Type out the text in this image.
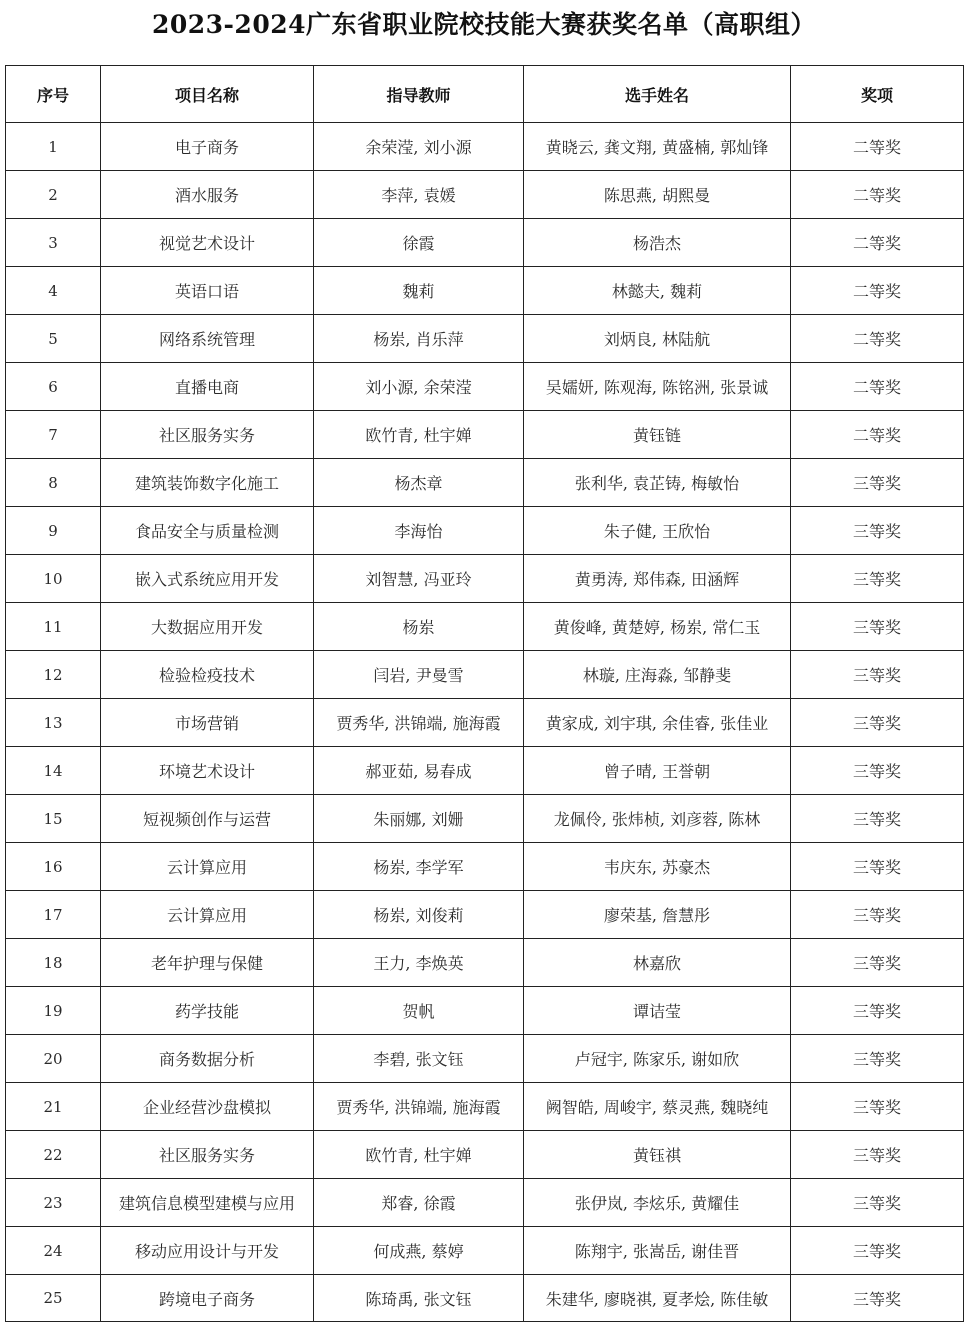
2023-2024广东省职业院校技能大赛获奖名单（高职组）
序号	项目名称	指导教师	选手姓名	奖项
1	电子商务	余荣滢, 刘小源	黄晓云, 龚文翔, 黄盛楠, 郭灿锋	二等奖
2	酒水服务	李萍, 袁媛	陈思燕, 胡熙曼	二等奖
3	视觉艺术设计	徐霞	杨浩杰	二等奖
4	英语口语	魏莉	林懿夫, 魏莉	二等奖
5	网络系统管理	杨岽, 肖乐萍	刘炳良, 林陆航	二等奖
6	直播电商	刘小源, 余荣滢	吴嬬妍, 陈观海, 陈铭洲, 张景诚	二等奖
7	社区服务实务	欧竹青, 杜宇婵	黄钰链	二等奖
8	建筑装饰数字化施工	杨杰章	张利华, 袁芷铸, 梅敏怡	三等奖
9	食品安全与质量检测	李海怡	朱子健, 王欣怡	三等奖
10	嵌入式系统应用开发	刘智慧, 冯亚玲	黄勇涛, 郑伟森, 田涵辉	三等奖
11	大数据应用开发	杨岽	黄俊峰, 黄楚婷, 杨岽, 常仁玉	三等奖
12	检验检疫技术	闫岩, 尹曼雪	林璇, 庄海淼, 邹静斐	三等奖
13	市场营销	贾秀华, 洪锦端, 施海霞	黄家成, 刘宇琪, 余佳睿, 张佳业	三等奖
14	环境艺术设计	郝亚茹, 易春成	曾子晴, 王誉朝	三等奖
15	短视频创作与运营	朱丽娜, 刘姗	龙佩伶, 张炜桢, 刘彦蓉, 陈林	三等奖
16	云计算应用	杨岽, 李学军	韦庆东, 苏豪杰	三等奖
17	云计算应用	杨岽, 刘俊莉	廖荣基, 詹慧彤	三等奖
18	老年护理与保健	王力, 李焕英	林嘉欣	三等奖
19	药学技能	贺帆	谭诘莹	三等奖
20	商务数据分析	李碧, 张文钰	卢冠宇, 陈家乐, 谢如欣	三等奖
21	企业经营沙盘模拟	贾秀华, 洪锦端, 施海霞	阙智皓, 周峻宇, 蔡灵燕, 魏晓纯	三等奖
22	社区服务实务	欧竹青, 杜宇婵	黄钰祺	三等奖
23	建筑信息模型建模与应用	郑睿, 徐霞	张伊岚, 李炫乐, 黄耀佳	三等奖
24	移动应用设计与开发	何成燕, 蔡婷	陈翔宇, 张嵩岳, 谢佳晋	三等奖
25	跨境电子商务	陈琦禹, 张文钰	朱建华, 廖晓祺, 夏孝烩, 陈佳敏	三等奖
